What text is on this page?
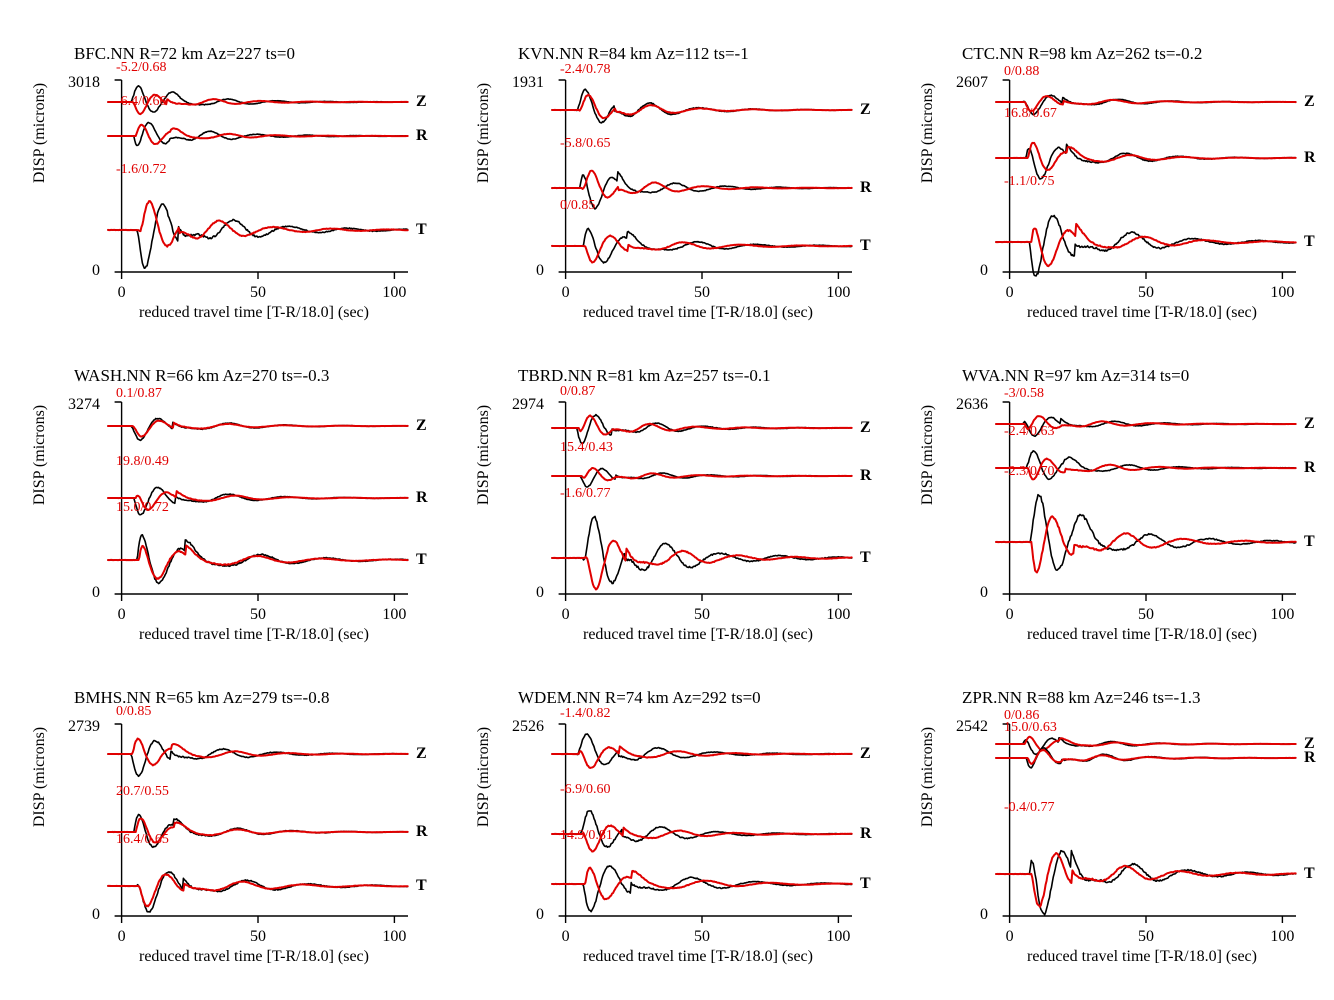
BFC.NN R=72 km Az=227 ts=0
3018
0
DISP (microns)
reduced travel time [T-R/18.0] (sec)
0	50	100
Z
-5.2/0.68
R
-6.4/0.66
T
-1.6/0.72
KVN.NN R=84 km Az=112 ts=-1
1931
0
DISP (microns)
reduced travel time [T-R/18.0] (sec)
0	50	100
Z
-2.4/0.78
R
-5.8/0.65
T
0/0.85
CTC.NN R=98 km Az=262 ts=-0.2
2607
0
DISP (microns)
reduced travel time [T-R/18.0] (sec)
0	50	100
Z
0/0.88
R
16.8/0.67
T
-1.1/0.75
WASH.NN R=66 km Az=270 ts=-0.3
3274
0
DISP (microns)
reduced travel time [T-R/18.0] (sec)
0	50	100
Z
0.1/0.87
R
19.8/0.49
T
15.0/0.72
TBRD.NN R=81 km Az=257 ts=-0.1
2974
0
DISP (microns)
reduced travel time [T-R/18.0] (sec)
0	50	100
Z
0/0.87
R
15.4/0.43
T
-1.6/0.77
WVA.NN R=97 km Az=314 ts=0
2636
0
DISP (microns)
reduced travel time [T-R/18.0] (sec)
0	50	100
Z
-3/0.58
R
-2.4/0.63
T
-2.3/0.70
BMHS.NN R=65 km Az=279 ts=-0.8
2739
0
DISP (microns)
reduced travel time [T-R/18.0] (sec)
0	50	100
Z
0/0.85
R
20.7/0.55
T
16.4/0.65
WDEM.NN R=74 km Az=292 ts=0
2526
0
DISP (microns)
reduced travel time [T-R/18.0] (sec)
0	50	100
Z
-1.4/0.82
R
-6.9/0.60
T
14.9/0.81
ZPR.NN R=88 km Az=246 ts=-1.3
2542
0
DISP (microns)
reduced travel time [T-R/18.0] (sec)
0	50	100
Z
0/0.86
R
15.0/0.63
T
-0.4/0.77
